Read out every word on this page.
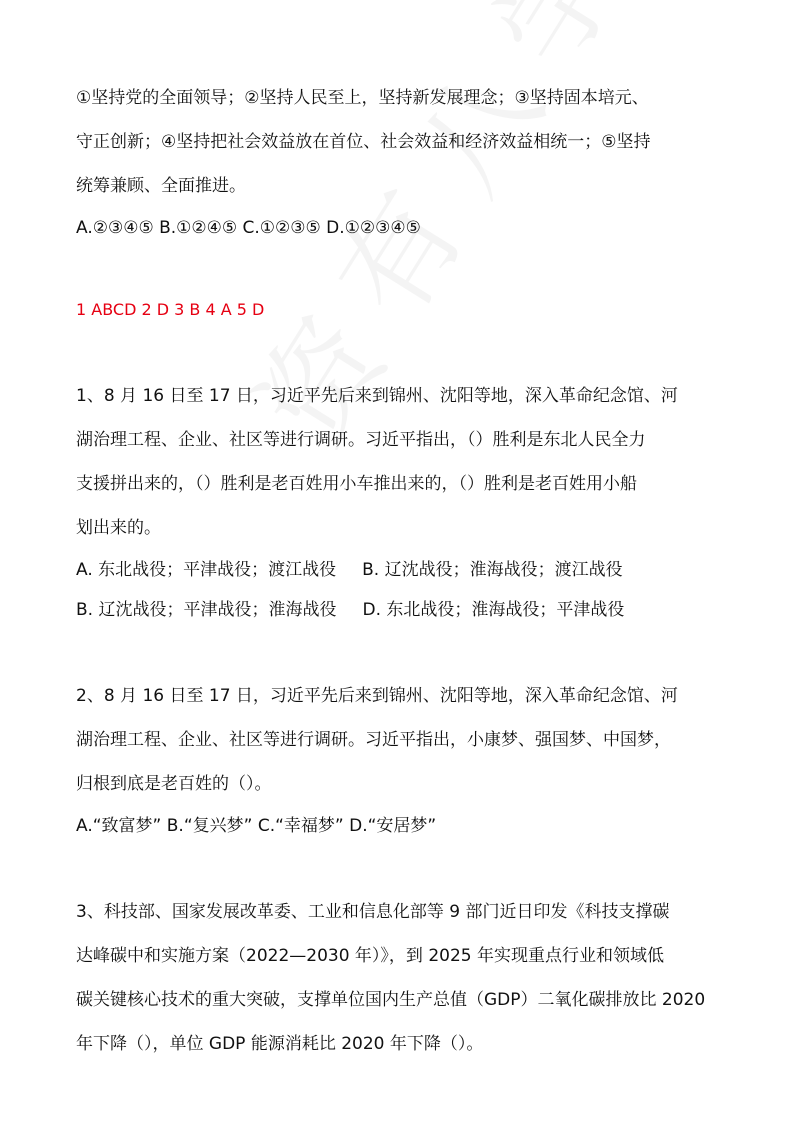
①坚持党的全面领导；②坚持人民至上，坚持新发展理念；③坚持固本培元、
守正创新；④坚持把社会效益放在首位、社会效益和经济效益相统一；⑤坚持
统筹兼顾、全面推进。
A.②③④⑤ B.①②④⑤ C.①②③⑤ D.①②③④⑤
1 ABCD 2 D 3 B 4 A 5 D
1、8 月 16 日至 17 日，习近平先后来到锦州、沈阳等地，深入革命纪念馆、河
湖治理工程、企业、社区等进行调研。习近平指出，（）胜利是东北人民全力
支援拼出来的，（）胜利是老百姓用小车推出来的，（）胜利是老百姓用小船
划出来的。
A. 东北战役；平津战役；渡江战役 B. 辽沈战役；淮海战役；渡江战役
B. 辽沈战役；平津战役；淮海战役 D. 东北战役；淮海战役；平津战役
2、8 月 16 日至 17 日，习近平先后来到锦州、沈阳等地，深入革命纪念馆、河
湖治理工程、企业、社区等进行调研。习近平指出，小康梦、强国梦、中国梦，
归根到底是老百姓的（）。
A.“致富梦” B.“复兴梦” C.“幸福梦” D.“安居梦”
3、科技部、国家发展改革委、工业和信息化部等 9 部门近日印发《科技支撑碳
达峰碳中和实施方案（2022—2030 年）》，到 2025 年实现重点行业和领域低
碳关键核心技术的重大突破，支撑单位国内生产总值（GDP）二氧化碳排放比 2020
年下降（），单位 GDP 能源消耗比 2020 年下降（）。
